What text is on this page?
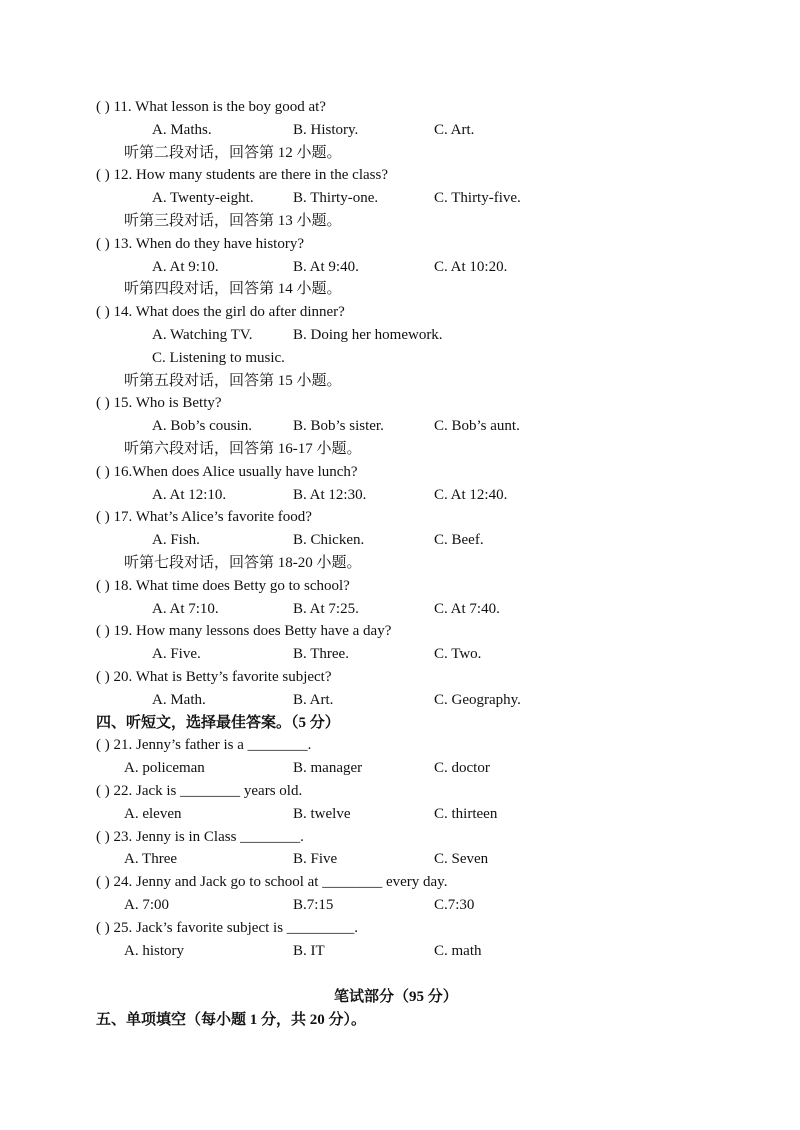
( ) 11. What lesson is the boy good at?
A. Maths.	B. History.	C. Art.
听第二段对话，回答第 12 小题。
( ) 12. How many students are there in the class?
A. Twenty-eight.	B. Thirty-one.	C. Thirty-five.
听第三段对话，回答第 13 小题。
( ) 13. When do they have history?
A. At 9:10.	B. At 9:40.	C. At 10:20.
听第四段对话，回答第 14 小题。
( ) 14. What does the girl do after dinner?
A. Watching TV.	B. Doing her homework.
C. Listening to music.
听第五段对话，回答第 15 小题。
( ) 15. Who is Betty?
A. Bob’s cousin.	B. Bob’s sister.	C. Bob’s aunt.
听第六段对话，回答第 16-17 小题。
( ) 16.When does Alice usually have lunch?
A. At 12:10.	B. At 12:30.	C. At 12:40.
( ) 17. What’s Alice’s favorite food?
A. Fish.	B. Chicken.	C. Beef.
听第七段对话，回答第 18-20 小题。
( ) 18. What time does Betty go to school?
A. At 7:10.	B. At 7:25.	C. At 7:40.
( ) 19. How many lessons does Betty have a day?
A. Five.	B. Three.	C. Two.
( ) 20. What is Betty’s favorite subject?
A. Math.	B. Art.	C. Geography.
四、听短文，选择最佳答案。（5 分）
( ) 21. Jenny’s father is a ________.
A. policeman	B. manager	C. doctor
( ) 22. Jack is ________ years old.
A. eleven	B. twelve	C. thirteen
( ) 23. Jenny is in Class ________.
A. Three	B. Five	C. Seven
( ) 24. Jenny and Jack go to school at ________ every day.
A. 7:00	B.7:15	C.7:30
( ) 25. Jack’s favorite subject is _________.
A. history	B. IT	C. math
笔试部分（95 分）
五、单项填空（每小题 1 分，共 20 分）。
